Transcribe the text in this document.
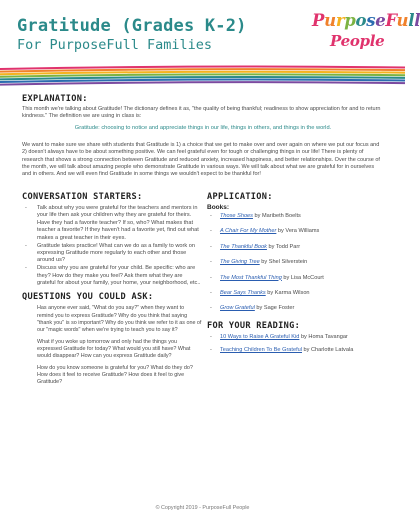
Gratitude (Grades K-2)
For PurposeFull Families
PurposeFull
People
EXPLANATION:
This month we're talking about Gratitude! The dictionary defines it as, "the quality of being thankful; readiness to show appreciation for and to return kindness." The definition we are using in class is:
Gratitude: choosing to notice and appreciate things in our life, things in others, and things in the world.
We want to make sure we share with students that Gratitude is 1) a choice that we get to make over and over again on where we put our focus and 2) doesn't always have to be about something positive. We can feel grateful even for tough or challenging things in our life! There is plenty of research that shows a strong connection between Gratitude and reduced anxiety, increased happiness, and better relationships. Over the course of the month, we will talk about amazing people who demonstrate Gratitude in various ways. We will talk about what we are grateful for in ourselves and in others. And we will even find Gratitude in some things we wouldn't expect to be thankful for!
CONVERSATION STARTERS:
- Talk about why you were grateful for the teachers and mentors in your life then ask your children why they are grateful for theirs. Have they had a favorite teacher? If so, who? What makes that teacher a favorite? If they haven't had a favorite yet, find out what makes a great teacher in their eyes.
- Gratitude takes practice! What can we do as a family to work on expressing Gratitude more regularly to each other and those around us?
- Discuss why you are grateful for your child. Be specific: who are they? How do they make you feel? Ask them what they are grateful for about your family, your home, your neighborhood, etc..
QUESTIONS YOU COULD ASK:

Has anyone ever said, "What do you say?" when they want to remind you to express Gratitude? Why do you think that saying "thank you" is so important? Why do you think we refer to it as one of our "magic words" when we're trying to teach you to say it?

What if you woke up tomorrow and only had the things you expressed Gratitude for today? What would you still have? What would disappear? How can you express Gratitude daily?

How do you know someone is grateful for you? What do they do? How does it feel to receive Gratitude? How does it feel to give Gratitude?

APPLICATION:
Books:
- Those Shoes by Maribeth Boelts
- A Chair For My Mother by Vera Williams
- The Thankful Book by Todd Parr
- The Giving Tree by Shel Silverstein
- The Most Thankful Thing by Lisa McCourt
- Bear Says Thanks by Karma Wilson
- Grow Grateful by Sage Foster
FOR YOUR READING:
- 10 Ways to Raise A Grateful Kid by Homa Tavangar
- Teaching Children To Be Grateful by Charlotte Latvala
© Copyright 2019 - PurposeFull People
